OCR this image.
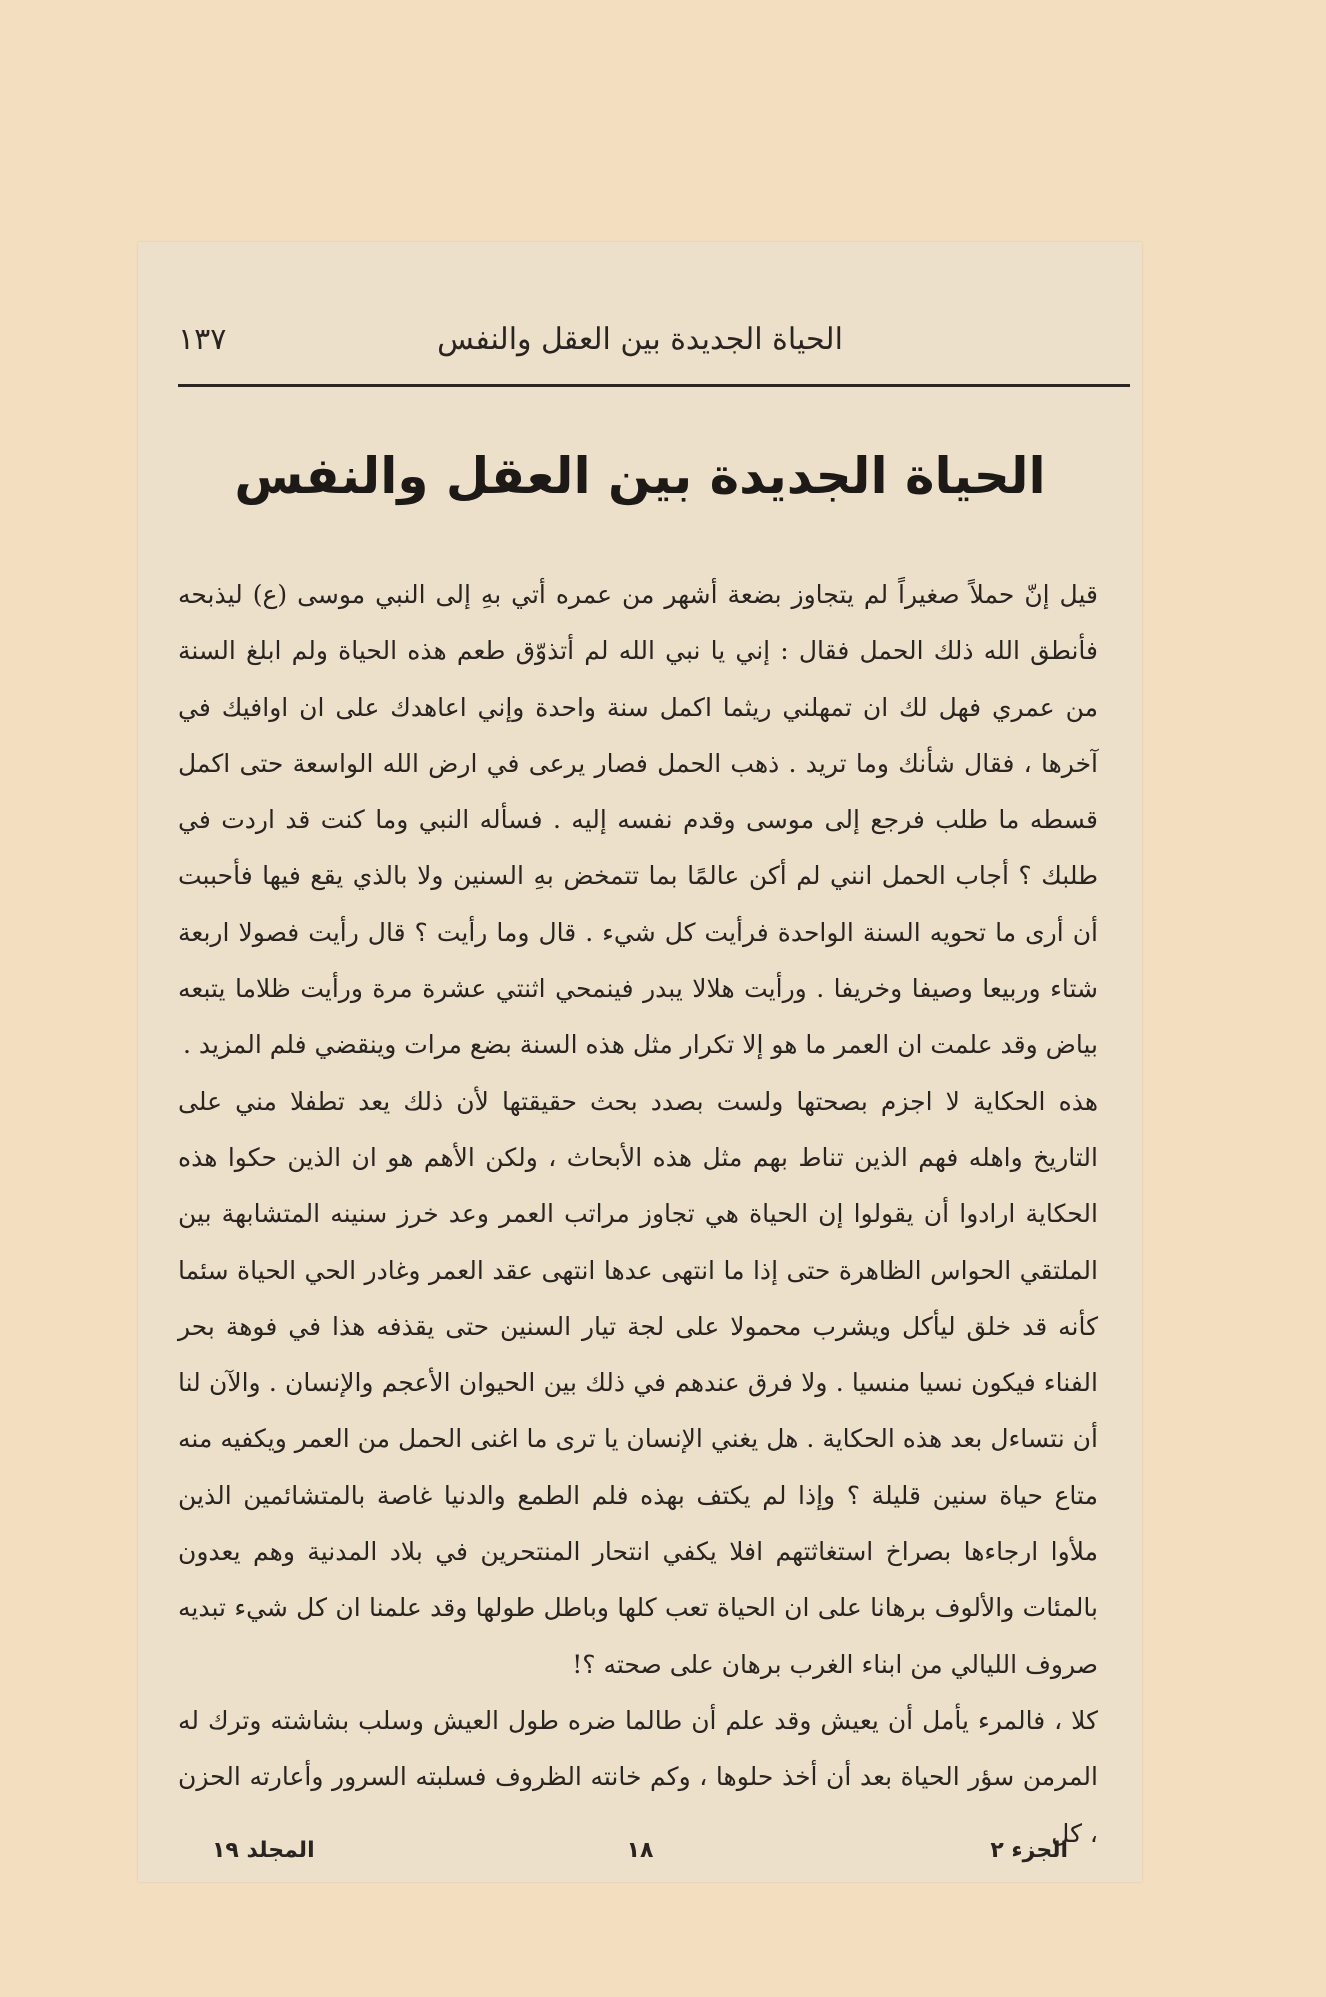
الحياة الجديدة بين العقل والنفس
١٣٧
الحياة الجديدة بين العقل والنفس

قيل إنّ حملاً صغيراً لم يتجاوز بضعة أشهر من عمره أتي بهِ إلى النبي موسى (ع) ليذبحه فأنطق الله ذلك الحمل فقال : إني يا نبي الله لم أتذوّق طعم هذه الحياة ولم ابلغ السنة من عمري فهل لك ان تمهلني ريثما اكمل سنة واحدة وإني اعاهدك على ان اوافيك في آخرها ، فقال شأنك وما تريد . ذهب الحمل فصار يرعى في ارض الله الواسعة حتى اكمل قسطه ما طلب فرجع إلى موسى وقدم نفسه إليه . فسأله النبي وما كنت قد اردت في طلبك ؟ أجاب الحمل انني لم أكن عالمًا بما تتمخض بهِ السنين ولا بالذي يقع فيها فأحببت أن أرى ما تحويه السنة الواحدة فرأيت كل شيء . قال وما رأيت ؟ قال رأيت فصولا اربعة شتاء وربيعا وصيفا وخريفا . ورأيت هلالا يبدر فينمحي اثنتي عشرة مرة ورأيت ظلاما يتبعه بياض وقد علمت ان العمر ما هو إلا تكرار مثل هذه السنة بضع مرات وينقضي فلم المزيد .

هذه الحكاية لا اجزم بصحتها ولست بصدد بحث حقيقتها لأن ذلك يعد تطفلا مني على التاريخ واهله فهم الذين تناط بهم مثل هذه الأبحاث ، ولكن الأهم هو ان الذين حكوا هذه الحكاية ارادوا أن يقولوا إن الحياة هي تجاوز مراتب العمر وعد خرز سنينه المتشابهة بين الملتقي الحواس الظاهرة حتى إذا ما انتهى عدها انتهى عقد العمر وغادر الحي الحياة سئما كأنه قد خلق ليأكل ويشرب محمولا على لجة تيار السنين حتى يقذفه هذا في فوهة بحر الفناء فيكون نسيا منسيا . ولا فرق عندهم في ذلك بين الحيوان الأعجم والإنسان . والآن لنا أن نتساءل بعد هذه الحكاية . هل يغني الإنسان يا ترى ما اغنى الحمل من العمر ويكفيه منه متاع حياة سنين قليلة ؟ وإذا لم يكتف بهذه فلم الطمع والدنيا غاصة بالمتشائمين الذين ملأوا ارجاءها بصراخ استغاثتهم افلا يكفي انتحار المنتحرين في بلاد المدنية وهم يعدون بالمئات والألوف برهانا على ان الحياة تعب كلها وباطل طولها وقد علمنا ان كل شيء تبديه صروف الليالي من ابناء الغرب برهان على صحته ؟!

كلا ، فالمرء يأمل أن يعيش وقد علم أن طالما ضره طول العيش وسلب بشاشته وترك له المرمن سؤر الحياة بعد أن أخذ حلوها ، وكم خانته الظروف فسلبته السرور وأعارته الحزن ، كل

الجزء ٢
١٨
المجلد ١٩
